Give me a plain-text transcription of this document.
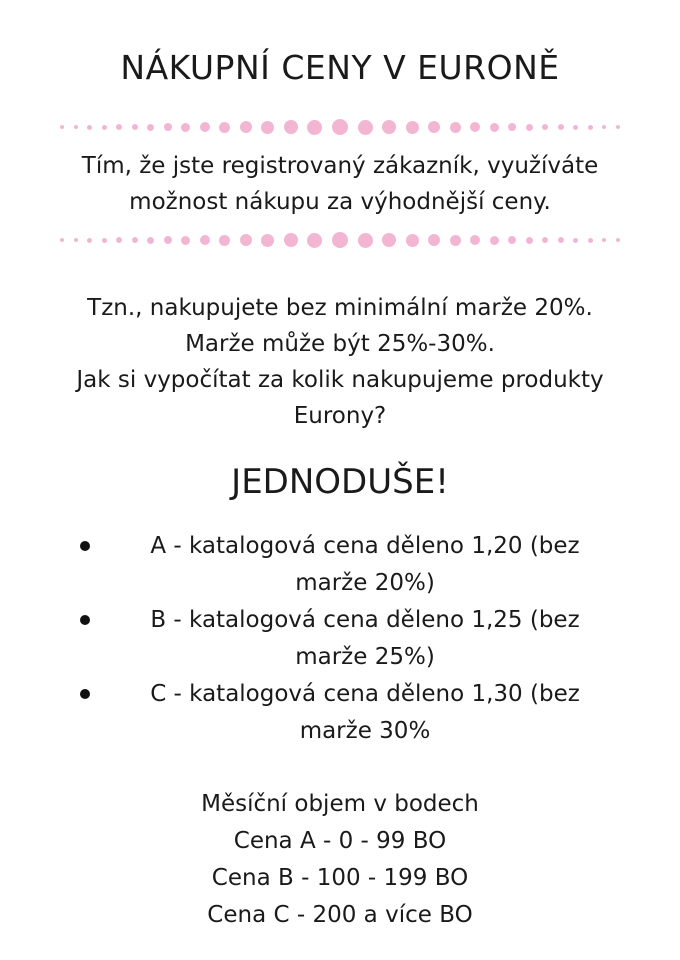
NÁKUPNÍ CENY V EURONĚ
Tím, že jste registrovaný zákazník, využíváte
možnost nákupu za výhodnější ceny.
Tzn., nakupujete bez minimální marže 20%.
Marže může být 25%-30%.
Jak si vypočítat za kolik nakupujeme produkty
Eurony?
JEDNODUŠE!
A - katalogová cena děleno 1,20 (bez
marže 20%)
B - katalogová cena děleno 1,25 (bez
marže 25%)
C - katalogová cena děleno 1,30 (bez
marže 30%
Měsíční objem v bodech
Cena A - 0 - 99 BO
Cena B - 100 - 199 BO
Cena C - 200 a více BO
